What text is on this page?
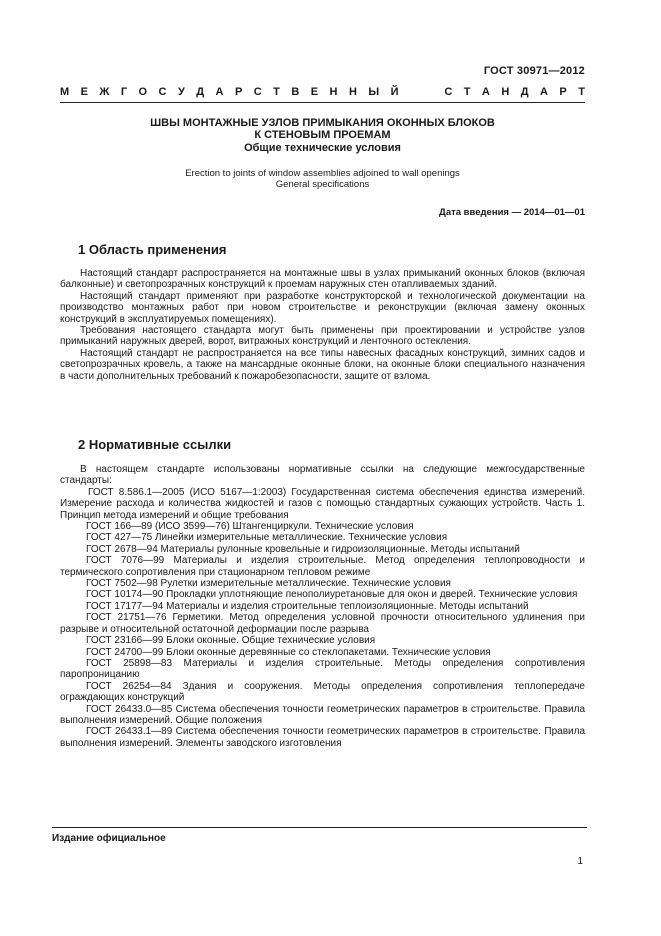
ГОСТ 30971—2012
М Е Ж Г О С У Д А Р С Т В Е Н Н Ы Й	С Т А Н Д А Р Т
ШВЫ МОНТАЖНЫЕ УЗЛОВ ПРИМЫКАНИЯ ОКОННЫХ БЛОКОВ
К СТЕНОВЫМ ПРОЕМАМ
Общие технические условия
Erection to joints of window assemblies adjoined to wall openings
General specifications
Дата введения — 2014—01—01
1 Область применения

Настоящий стандарт распространяется на монтажные швы в узлах примыканий оконных блоков (включая балконные) и светопрозрачных конструкций к проемам наружных стен отапливаемых зданий.

Настоящий стандарт применяют при разработке конструкторской и технологической документации на производство монтажных работ при новом строительстве и реконструкции (включая замену оконных конструкций в эксплуатируемых помещениях).

Требования настоящего стандарта могут быть применены при проектировании и устройстве узлов примыканий наружных дверей, ворот, витражных конструкций и ленточного остекления.

Настоящий стандарт не распространяется на все типы навесных фасадных конструкций, зимних садов и светопрозрачных кровель, а также на мансардные оконные блоки, на оконные блоки специального назначения в части дополнительных требований к пожаробезопасности, защите от взлома.

2 Нормативные ссылки

В настоящем стандарте использованы нормативные ссылки на следующие межгосударственные стандарты:

ГОСТ 8.586.1—2005 (ИСО 5167—1:2003) Государственная система обеспечения единства измерений. Измерение расхода и количества жидкостей и газов с помощью стандартных сужающих устройств. Часть 1. Принцип метода измерений и общие требования

ГОСТ 166—89 (ИСО 3599—76) Штангенциркули. Технические условия

ГОСТ 427—75 Линейки измерительные металлические. Технические условия

ГОСТ 2678—94 Материалы рулонные кровельные и гидроизоляционные. Методы испытаний

ГОСТ 7076—99 Материалы и изделия строительные. Метод определения теплопроводности и термического сопротивления при стационарном тепловом режиме

ГОСТ 7502—98 Рулетки измерительные металлические. Технические условия

ГОСТ 10174—90 Прокладки уплотняющие пенополиуретановые для окон и дверей. Технические условия

ГОСТ 17177—94 Материалы и изделия строительные теплоизоляционные. Методы испытаний

ГОСТ 21751—76 Герметики. Метод определения условной прочности относительного удлинения при разрыве и относительной остаточной деформации после разрыва

ГОСТ 23166—99 Блоки оконные. Общие технические условия

ГОСТ 24700—99 Блоки оконные деревянные со стеклопакетами. Технические условия

ГОСТ 25898—83 Материалы и изделия строительные. Методы определения сопротивления паропроницанию

ГОСТ 26254—84 Здания и сооружения. Методы определения сопротивления теплопередаче ограждающих конструкций

ГОСТ 26433.0—85 Система обеспечения точности геометрических параметров в строительстве. Правила выполнения измерений. Общие положения

ГОСТ 26433.1—89 Система обеспечения точности геометрических параметров в строительстве. Правила выполнения измерений. Элементы заводского изготовления

Издание официальное
1
